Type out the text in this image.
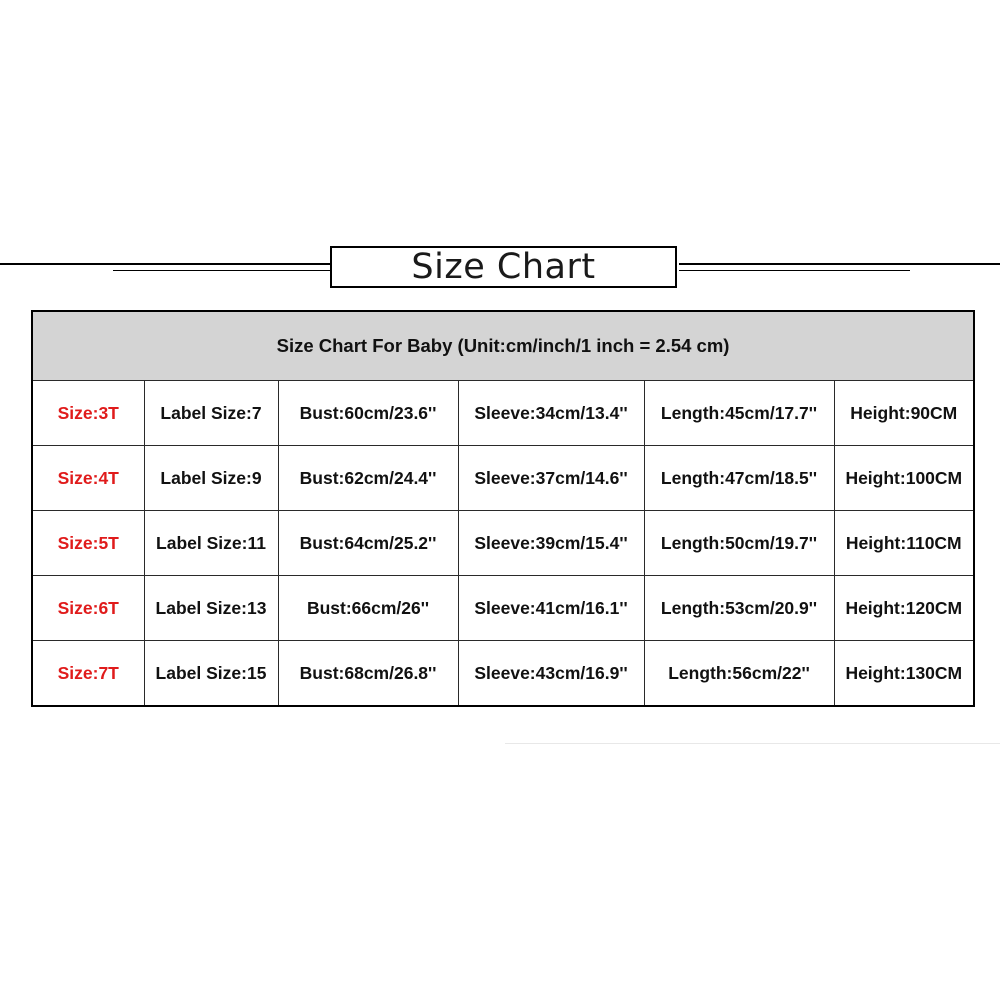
Size Chart
Size Chart For Baby (Unit:cm/inch/1 inch = 2.54 cm)					
Size:3T	Label Size:7	Bust:60cm/23.6''	Sleeve:34cm/13.4''	Length:45cm/17.7''	Height:90CM
Size:4T	Label Size:9	Bust:62cm/24.4''	Sleeve:37cm/14.6''	Length:47cm/18.5''	Height:100CM
Size:5T	Label Size:11	Bust:64cm/25.2''	Sleeve:39cm/15.4''	Length:50cm/19.7''	Height:110CM
Size:6T	Label Size:13	Bust:66cm/26''	Sleeve:41cm/16.1''	Length:53cm/20.9''	Height:120CM
Size:7T	Label Size:15	Bust:68cm/26.8''	Sleeve:43cm/16.9''	Length:56cm/22''	Height:130CM
